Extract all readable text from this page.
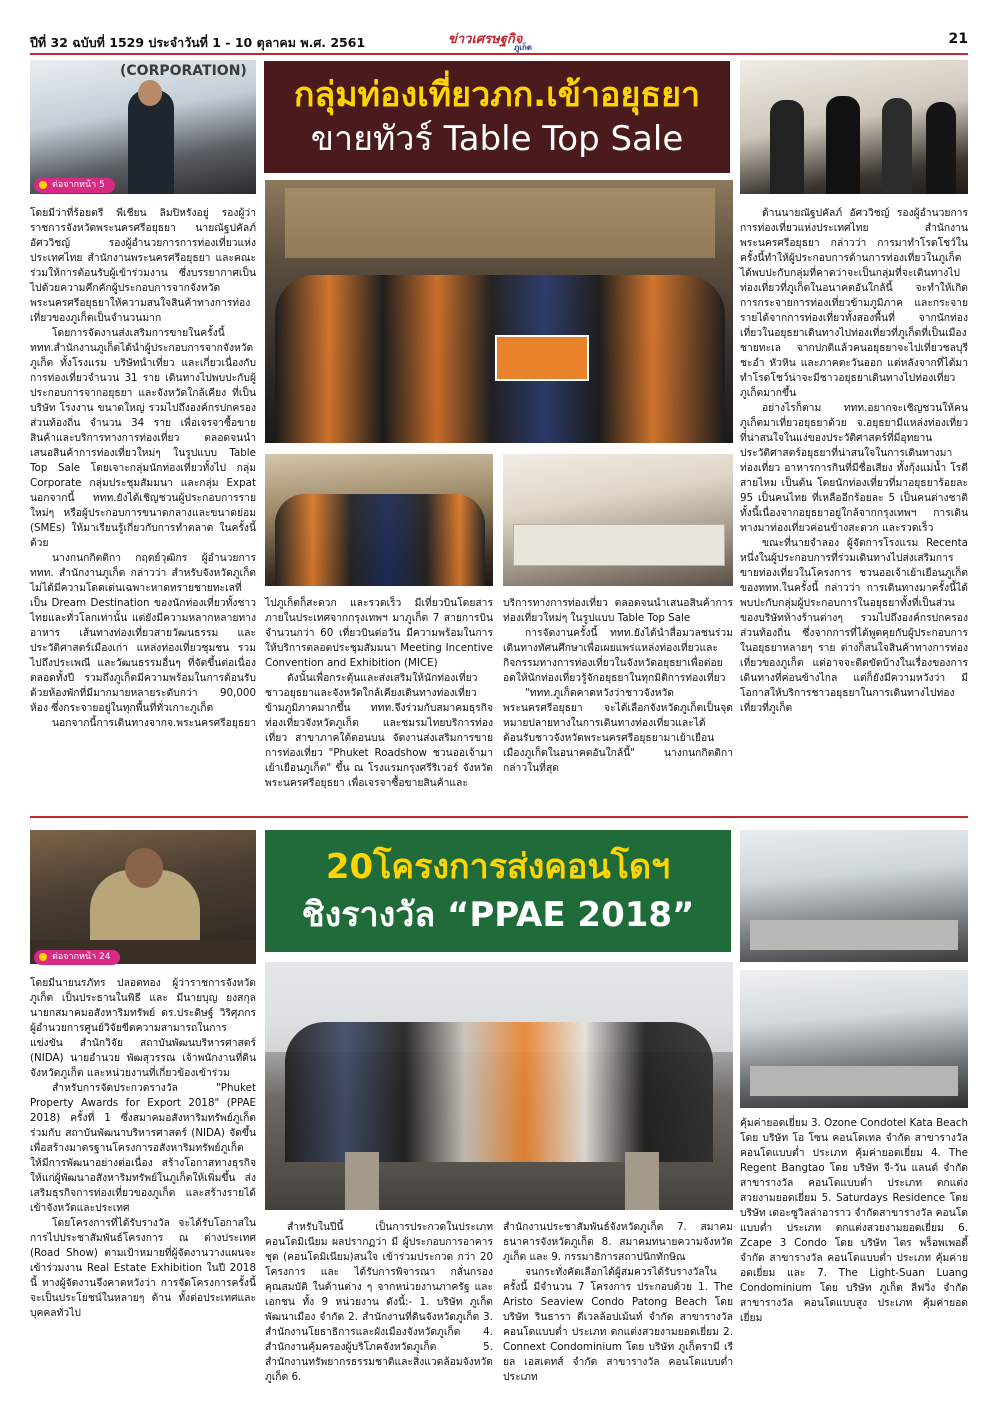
ปีที่ 32 ฉบับที่ 1529 ประจำวันที่ 1 - 10 ตุลาคม พ.ศ. 2561	ข่าวเศรษฐกิจ
ภูเก็ต
21
(CORPORATION)
ต่อจากหน้า 5
กลุ่มท่องเที่ยวภก.เข้าอยุธยา
ขายทัวร์ Table Top Sale

โดยมีว่าที่ร้อยตรี พีเชียน ลิมปิหรังอยู่ รองผู้ว่าราชการจังหวัดพระนครศรีอยุธยา นายณัฐปคัลภ์ อัศววิชญ์ รองผู้อำนวยการการท่องเที่ยวแห่งประเทศไทย สำนักงานพระนครศรีอยุธยา และคณะร่วมให้การต้อนรับผู้เข้าร่วมงาน ซึ่งบรรยากาศเป็นไปด้วยความคึกคักผู้ประกอบการจากจังหวัดพระนครศรีอยุธยาให้ความสนใจสินค้าทางการท่องเที่ยวของภูเก็ตเป็นจำนวนมาก

โดยการจัดงานส่งเสริมการขายในครั้งนี้ ททท.สำนักงานภูเก็ตได้นำผู้ประกอบการจากจังหวัดภูเก็ต ทั้งโรงแรม บริษัทนำเที่ยว และเกี่ยวเนื่องกับการท่องเที่ยวจำนวน 31 ราย เดินทางไปพบปะกับผู้ประกอบการจากอยุธยา และจังหวัดใกล้เคียง ที่เป็นบริษัท โรงงาน ขนาดใหญ่ รวมไปถึงองค์กรปกครองส่วนท้องถิ่น จำนวน 34 ราย เพื่อเจรจาซื้อขายสินค้าและบริการทางการท่องเที่ยว ตลอดจนนำเสนอสินค้าการท่องเที่ยวใหม่ๆ ในรูปแบบ Table Top Sale โดยเจาะกลุ่มนักท่องเที่ยวทั้งไป กลุ่ม Corporate กลุ่มประชุมสัมมนา และกลุ่ม Expat นอกจากนี้ ททท.ยังได้เชิญชวนผู้ประกอบการรายใหม่ๆ หรือผู้ประกอบการขนาดกลางและขนาดย่อม (SMEs) ให้มาเรียนรู้เกี่ยวกับการทำตลาด ในครั้งนี้ด้วย

นางกนกกิตติกา กฤตย์วุฒิกร ผู้อำนวยการ ททท. สำนักงานภูเก็ต กล่าวว่า สำหรับจังหวัดภูเก็ตไม่ได้มีความโดดเด่นเฉพาะหาดทรายชายทะเลที่เป็น Dream Destination ของนักท่องเที่ยวทั้งชาวไทยและทั่วโลกเท่านั้น แต่ยังมีความหลากหลายทางอาหาร เส้นทางท่องเที่ยวสายวัฒนธรรม และประวัติศาสตร์เมืองเก่า แหล่งท่องเที่ยวชุมชน รวมไปถึงประเพณี และวัฒนธรรมอื่นๆ ที่จัดขึ้นต่อเนื่องตลอดทั้งปี รวมถึงภูเก็ตมีความพร้อมในการต้อนรับด้วยห้องพักที่มีมากมายหลายระดับกว่า 90,000 ห้อง ซึ่งกระจายอยู่ในทุกพื้นที่ทั่วเกาะภูเก็ต

นอกจากนี้การเดินทางจากจ.พระนครศรีอยุธยา

ไปภูเก็ตก็สะดวก และรวดเร็ว มีเที่ยวบินโดยสารภายในประเทศจากกรุงเทพฯ มาภูเก็ต 7 สายการบิน จำนวนกว่า 60 เที่ยวบินต่อวัน มีความพร้อมในการให้บริการตลอดประชุมสัมมนา Meeting Incentive Convention and Exhibition (MICE)

ดังนั้นเพื่อกระตุ้นและส่งเสริมให้นักท่องเที่ยวชาวอยุธยาและจังหวัดใกล้เคียงเดินทางท่องเที่ยวข้ามภูมิภาคมากขึ้น ททท.จึงร่วมกับสมาคมธุรกิจท่องเที่ยวจังหวัดภูเก็ต และชมรมไทยบริการท่องเที่ยว สาขาภาคใต้ตอนบน จัดงานส่งเสริมการขายการท่องเที่ยว "Phuket Roadshow ชวนออเจ้ามาเย้าเยือนภูเก็ต" ขึ้น ณ โรงแรมกรุงศรีริเวอร์ จังหวัดพระนครศรีอยุธยา เพื่อเจรจาซื้อขายสินค้าและ

บริการทางการท่องเที่ยว ตลอดจนนำเสนอสินค้าการท่องเที่ยวใหม่ๆ ในรูปแบบ Table Top Sale

การจัดงานครั้งนี้ ททท.ยังได้นำสื่อมวลชนร่วมเดินทางทัศนศึกษาเพื่อเผยแพร่แหล่งท่องเที่ยวและกิจกรรมทางการท่องเที่ยวในจังหวัดอยุธยาเพื่อต่อยอดให้นักท่องเที่ยวรู้จักอยุธยาในทุกมิติการท่องเที่ยว

"ททท.ภูเก็ตคาดหวังว่าชาวจังหวัดพระนครศรีอยุธยา จะได้เลือกจังหวัดภูเก็ตเป็นจุดหมายปลายทางในการเดินทางท่องเที่ยวและได้ต้อนรับชาวจังหวัดพระนครศรีอยุธยามาเย้าเยือนเมืองภูเก็ตในอนาคตอันใกล้นี้" นางกนกกิตติกา กล่าวในที่สุด

ด้านนายณัฐปคัลภ์ อัศววิชญ์ รองผู้อำนวยการการท่องเที่ยวแห่งประเทศไทย สำนักงานพระนครศรีอยุธยา กล่าวว่า การมาทำโรดโชว์ในครั้งนี้ทำให้ผู้ประกอบการด้านการท่องเที่ยวในภูเก็ตได้พบปะกับกลุ่มที่คาดว่าจะเป็นกลุ่มที่จะเดินทางไปท่องเที่ยวที่ภูเก็ตในอนาคตอันใกล้นี้ จะทำให้เกิดการกระจายการท่องเที่ยวข้ามภูมิภาค และกระจายรายได้จากการท่องเที่ยวทั้งสองพื้นที่ จากนักท่องเที่ยวในอยุธยาเดินทางไปท่องเที่ยวที่ภูเก็ตที่เป็นเมืองชายทะเล จากปกติแล้วคนอยุธยาจะไปเที่ยวชลบุรี ชะอำ หัวหิน และภาคตะวันออก แต่หลังจากที่ได้มาทำโรดโชว์น่าจะมีชาวอยุธยาเดินทางไปท่องเที่ยวภูเก็ตมากขึ้น

อย่างไรก็ตาม ททท.อยากจะเชิญชวนให้คนภูเก็ตมาเที่ยวอยุธยาด้วย จ.อยุธยามีแหล่งท่องเที่ยวที่น่าสนใจในแง่ของประวัติศาสตร์ที่มีอุทยานประวัติศาสตร์อยุธยาที่น่าสนใจในการเดินทางมาท่องเที่ยว อาหารการกินที่มีชื่อเสียง ทั้งกุ้งแม่น้ำ โรตีสายไหม เป็นต้น โดยนักท่องเที่ยวที่มาอยุธยาร้อยละ 95 เป็นคนไทย ที่เหลืออีกร้อยละ 5 เป็นคนต่างชาติ ทั้งนี้เนื่องจากอยุธยาอยู่ใกล้จากกรุงเทพฯ การเดินทางมาท่องเที่ยวค่อนข้างสะดวก และรวดเร็ว

ขณะที่นายจำลอง ผู้จัดการโรงแรม Recenta หนึ่งในผู้ประกอบการที่ร่วมเดินทางไปส่งเสริมการขายท่องเที่ยวในโครงการ ชวนออเจ้าเย้าเยือนภูเก็ต ของททท.ในครั้งนี้ กล่าวว่า การเดินทางมาครั้งนี้ได้พบปะกับกลุ่มผู้ประกอบการในอยุธยาทั้งที่เป็นส่วนของบริษัทห้างร้านต่างๆ รวมไปถึงองค์กรปกครองส่วนท้องถิ่น ซึ่งจากการที่ได้พูดคุยกับผู้ประกอบการในอยุธยาหลายๆ ราย ต่างก็สนใจสินค้าทางการท่องเที่ยวของภูเก็ต แต่อาจจะติดขัดบ้างในเรื่องของการเดินทางที่ค่อนข้างไกล แต่ก็ยังมีความหวังว่า มีโอกาสให้บริการชาวอยุธยาในการเดินทางไปท่องเที่ยวที่ภูเก็ต

ต่อจากหน้า 24
20โครงการส่งคอนโดฯ
ชิงรางวัล “PPAE 2018”

โดยมีนายนรภัทร ปลอดทอง ผู้ว่าราชการจังหวัดภูเก็ต เป็นประธานในพิธี และ มีนายบุญ ยงสกุล นายกสมาคมอสังหาริมทรัพย์ ดร.ประดิษฐ์ วิริศุภกร ผู้อำนวยการศูนย์วิจัยขีดความสามารถในการแข่งขัน สำนักวิจัย สถาบันพัฒนบริหารศาสตร์ (NIDA) นายอำนวย พัฒสุวรรณ เจ้าพนักงานที่ดินจังหวัดภูเก็ต และหน่วยงานที่เกี่ยวข้องเข้าร่วม

สำหรับการจัดประกวดรางวัล "Phuket Property Awards for Export 2018" (PPAE 2018) ครั้งที่ 1 ซึ่งสมาคมอสังหาริมทรัพย์ภูเก็ต ร่วมกับ สถาบันพัฒนาบริหารศาสตร์ (NIDA) จัดขึ้น เพื่อสร้างมาตรฐานโครงการอสังหาริมทรัพย์ภูเก็ต ให้มีการพัฒนาอย่างต่อเนื่อง สร้างโอกาสทางธุรกิจให้แก่ผู้พัฒนาอสังหาริมทรัพย์ในภูเก็ตให้เพิ่มขึ้น ส่งเสริมธุรกิจการท่องเที่ยวของภูเก็ต และสร้างรายได้เข้าจังหวัดและประเทศ

โดยโครงการที่ได้รับรางวัล จะได้รับโอกาสในการไปประชาสัมพันธ์โครงการ ณ ต่างประเทศ (Road Show) ตามเป้าหมายที่ผู้จัดงานวางแผนจะเข้าร่วมงาน Real Estate Exhibition ในปี 2018 นี้ ทางผู้จัดงานจึงคาดหวังว่า การจัดโครงการครั้งนี้จะเป็นประโยชน์ในหลายๆ ด้าน ทั้งต่อประเทศและบุคคลทั่วไป

สำหรับในปีนี้ เป็นการประกวดในประเภทคอนโดมิเนียม ผลปรากฏว่า มี ผู้ประกอบการอาคารชุด (คอนโดมิเนียม)สนใจ เข้าร่วมประกวด กว่า 20 โครงการ และ ได้รับการพิจารณา กลั่นกรองคุณสมบัติ ในด้านต่าง ๆ จากหน่วยงานภาครัฐ และเอกชน ทั้ง 9 หน่วยงาน ดังนี้:- 1. บริษัท ภูเก็ตพัฒนาเมือง จำกัด 2. สำนักงานที่ดินจังหวัดภูเก็ต 3. สำนักงานโยธาธิการและผังเมืองจังหวัดภูเก็ต 4. สำนักงานคุ้มครองผู้บริโภคจังหวัดภูเก็ต 5. สำนักงานทรัพยากรธรรมชาติและสิ่งแวดล้อมจังหวัดภูเก็ต 6.

สำนักงานประชาสัมพันธ์จังหวัดภูเก็ต 7. สมาคมธนาคารจังหวัดภูเก็ต 8. สมาคมทนายความจังหวัดภูเก็ต และ 9. กรรมาธิการสถาปนิกทักษิณ

จนกระทั่งคัดเลือกได้ผู้สมควรได้รับรางวัลในครั้งนี้ มีจำนวน 7 โครงการ ประกอบด้วย 1. The Aristo Seaview Condo Patong Beach โดย บริษัท รินธารา ดีเวลล้อปเม้นท์ จำกัด สาขารางวัล คอนโดแบบต่ำ ประเภท ตกแต่งสวยงามยอดเยี่ยม 2. Connext Condominium โดย บริษัท ภูเก็ตรามี เรียล เอสเตทส์ จำกัด สาขารางวัล คอนโดแบบต่ำ ประเภท

คุ้มค่ายอดเยี่ยม 3. Ozone Condotel Kata Beach โดย บริษัท โอ โซน คอนโดเทล จำกัด สาขารางวัล คอนโดแบบต่ำ ประเภท คุ้มค่ายอดเยี่ยม 4. The Regent Bangtao โดย บริษัท จี-วัน แลนด์ จำกัด สาขารางวัล คอนโดแบบต่ำ ประเภท ตกแต่งสวยงามยอดเยี่ยม 5. Saturdays Residence โดย บริษัท เดอะซูวิลล่าอาราว จำกัดสาขารางวัล คอนโดแบบต่ำ ประเภท ตกแต่งสวยงามยอดเยี่ยม 6. Zcape 3 Condo โดย บริษัท ไตร พร็อพเพอตี้ จำกัด สาขารางวัล คอนโดแบบต่ำ ประเภท คุ้มค่ายอดเยี่ยม และ 7. The Light-Suan Luang Condominium โดย บริษัท ภูเก็ต ลีฟวิ่ง จำกัด สาขารางวัล คอนโดแบบสูง ประเภท คุ้มค่ายอดเยี่ยม
